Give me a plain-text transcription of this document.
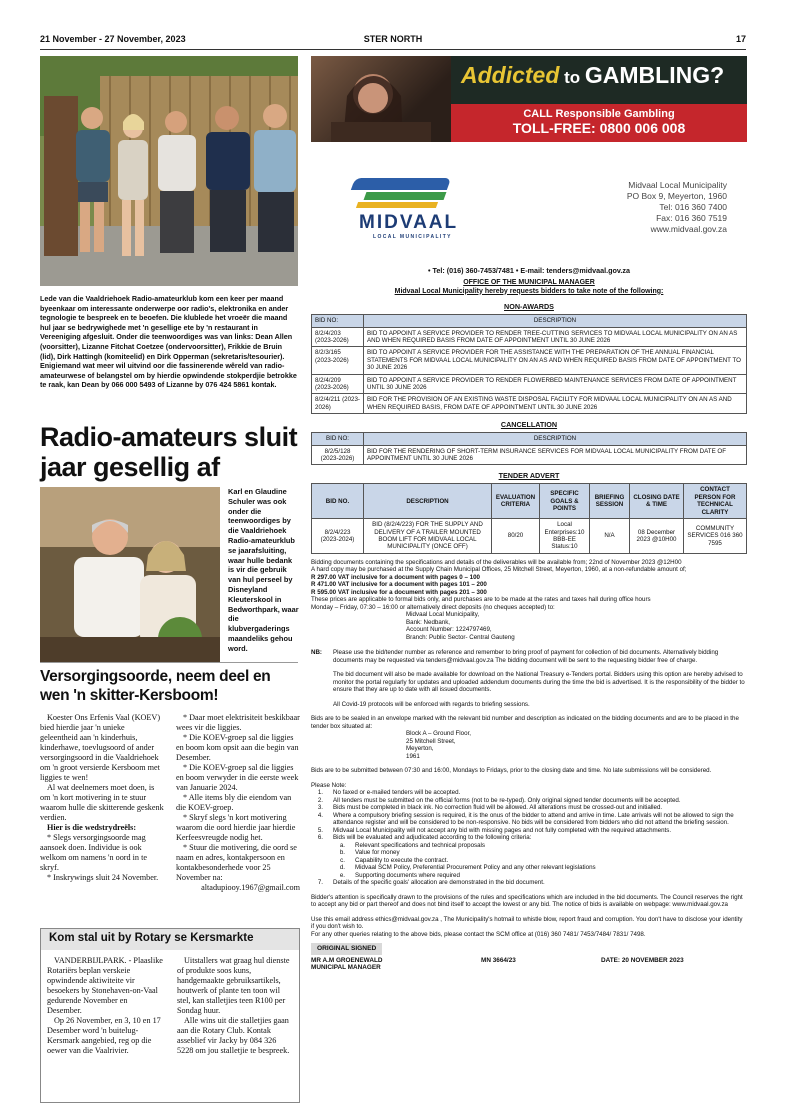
21 November - 27 November, 2023	STER NORTH	17
Lede van die Vaaldriehoek Radio-amateurklub kom een keer per maand byeenkaar om interessante onderwerpe oor radio's, elektronika en ander tegnologie te bespreek en te beoefen. Die klublede het vroeër die maand hul jaar se bedrywighede met 'n gesellige ete by 'n restaurant in Vereeniging afgesluit. Onder die teenwoordiges was van links: Dean Allen (voorsitter), Lizanne Fitchat Coetzee (ondervoorsitter), Frikkie de Bruin (lid), Dirk Hattingh (komiteelid) en Dirk Opperman (sekretaris/tesourier). Enigiemand wat meer wil uitvind oor die fassinerende wêreld van radio-amateurwese of belangstel om by hierdie opwindende stokperdjie betrokke te raak, kan Dean by 066 000 5493 of Lizanne by 076 424 5861 kontak.
Radio-amateurs sluit jaar gesellig af
Karl en Glaudine Schuler was ook onder die teenwoordiges by die Vaaldriehoek Radio-amateurklub se jaarafsluiting, waar hulle bedank is vir die gebruik van hul perseel by Disneyland Kleuterskool in Bedworthpark, waar die klubvergaderings maandeliks gehou word.
Versorgingsoorde, neem deel en wen 'n skitter-Kersboom!

Koester Ons Erfenis Vaal (KOEV) bied hierdie jaar 'n unieke geleentheid aan 'n kinderhuis, kinderhawe, toevlugsoord of ander versorgingsoord in die Vaaldriehoek om 'n groot versierde Kersboom met liggies te wen!

Al wat deelnemers moet doen, is om 'n kort motivering in te stuur waarom hulle die skitterende geskenk verdien.

Hier is die wedstrydreëls:

* Slegs versorgingsoorde mag aansoek doen. Individue is ook welkom om namens 'n oord in te skryf.

* Inskrywings sluit 24 November.

* Daar moet elektrisiteit beskikbaar wees vir die liggies.

* Die KOEV-groep sal die liggies en boom kom opsit aan die begin van Desember.

* Die KOEV-groep sal die liggies en boom verwyder in die eerste week van Januarie 2024.

* Alle items bly die eiendom van die KOEV-groep.

* Skryf slegs 'n kort motivering waarom die oord hierdie jaar hierdie Kerfeesvreugde nodig het.

* Stuur die motivering, die oord se naam en adres, kontakpersoon en kontakbesonderhede voor 25 November na:

altadupiooy.1967@gmail.com

Kom stal uit by Rotary se Kersmarkte

VANDERBIJLPARK. - Plaaslike Rotariërs beplan verskeie opwindende aktiwiteite vir besoekers by Stonehaven-on-Vaal gedurende November en Desember.

Op 26 November, en 3, 10 en 17 Desember word 'n buitelug-Kersmark aangebied, reg op die oewer van die Vaalrivier.

Uitstallers wat graag hul dienste of produkte soos kuns, handgemaakte gebruiksartikels, houtwerk of plante ten toon wil stel, kan stalletjies teen R100 per Sondag huur.

Alle wins uit die stalletjies gaan aan die Rotary Club. Kontak asseblief vir Jacky by 084 326 5228 om jou stalletjie te bespreek.

Addicted to GAMBLING?
CALL Responsible Gambling
TOLL-FREE: 0800 006 008
MIDVAAL
LOCAL MUNICIPALITY
Midvaal Local Municipality
PO Box 9, Meyerton, 1960
Tel: 016 360 7400
Fax: 016 360 7519
www.midvaal.gov.za
• Tel: (016) 360-7453/7481 • E-mail: tenders@midvaal.gov.za
OFFICE OF THE MUNICIPAL MANAGER
Midvaal Local Municipality hereby requests bidders to take note of the following:
NON-AWARDS
BID NO:	DESCRIPTION
8/2/4/203 (2023-2026)	BID TO APPOINT A SERVICE PROVIDER TO RENDER TREE-CUTTING SERVICES TO MIDVAAL LOCAL MUNICIPALITY ON AN AS AND WHEN REQUIRED BASIS FROM DATE OF APPOINTMENT UNTIL 30 JUNE 2026
8/2/3/165 (2023-2026)	BID TO APPOINT A SERVICE PROVIDER FOR THE ASSISTANCE WITH THE PREPARATION OF THE ANNUAL FINANCIAL STATEMENTS FOR MIDVAAL LOCAL MUNICIPALITY ON AN AS AND WHEN REQUIRED BASIS FROM DATE OF APPOINTMENT TO 30 JUNE 2026
8/2/4/209 (2023-2026)	BID TO APPOINT A SERVICE PROVIDER TO RENDER FLOWERBED MAINTENANCE SERVICES FROM DATE OF APPOINTMENT UNTIL 30 JUNE 2026
8/2/4/211 (2023-2026)	BID FOR THE PROVISION OF AN EXISTING WASTE DISPOSAL FACILITY FOR MIDVAAL LOCAL MUNICIPALITY ON AN AS AND WHEN REQUIRED BASIS, FROM DATE OF APPOINTMENT UNTIL 30 JUNE 2026
CANCELLATION
BID NO:	DESCRIPTION
8/2/5/128 (2023-2026)	BID FOR THE RENDERING OF SHORT-TERM INSURANCE SERVICES FOR MIDVAAL LOCAL MUNICIPALITY FROM DATE OF APPOINTMENT UNTIL 30 JUNE 2026
TENDER ADVERT
BID NO.	DESCRIPTION	EVALUATION CRITERIA	SPECIFIC GOALS & POINTS	BRIEFING SESSION	CLOSING DATE & TIME	CONTACT PERSON FOR TECHNICAL CLARITY
8/2/4/223 (2023-2024)	BID (8/2/4/223) FOR THE SUPPLY AND DELIVERY OF A TRAILER MOUNTED BOOM LIFT FOR MIDVAAL LOCAL MUNICIPALITY (ONCE OFF)	80/20	Local Enterprises:10 BBB-EE Status:10	N/A	08 December 2023 @10H00	COMMUNITY SERVICES 016 360 7595

Bidding documents containing the specifications and details of the deliverables will be available from; 22nd of November 2023 @12H00

A hard copy may be purchased at the Supply Chain Municipal Offices, 25 Mitchell Street, Meyerton, 1960, at a non-refundable amount of;

R 297.00 VAT inclusive for a document with pages 0 – 100

R 471.00 VAT inclusive for a document with pages 101 – 200

R 595.00 VAT inclusive for a document with pages 201 – 300

These prices are applicable to formal bids only, and purchases are to be made at the rates and taxes hall during office hours

Monday – Friday, 07:30 – 16:00 or alternatively direct deposits (no cheques accepted) to:

Midvaal Local Municipality,

Bank: Nedbank,

Account Number: 1224797469,

Branch: Public Sector- Central Gauteng

NB:	Please use the bid/tender number as reference and remember to bring proof of payment for collection of bid documents. Alternatively bidding documents may be requested via tenders@midvaal.gov.za The bidding document will be sent to the requesting bidder free of charge.

The bid document will also be made available for download on the National Treasury e-Tenders portal. Bidders using this option are hereby advised to monitor the portal regularly for updates and uploaded addendum documents during the time the bid is advertised. It is the responsibility of the bidder to ensure that they are up to date with all issued documents.

All Covid-19 protocols will be enforced with regards to briefing sessions.

Bids are to be sealed in an envelope marked with the relevant bid number and description as indicated on the bidding documents and are to be placed in the tender box situated at:

Block A – Ground Floor,

25 Mitchell Street,

Meyerton,

1961

Bids are to be submitted between 07:30 and 16:00, Mondays to Fridays, prior to the closing date and time. No late submissions will be considered.

Please Note:

1.	No faxed or e-mailed tenders will be accepted.
2.	All tenders must be submitted on the official forms (not to be re-typed). Only original signed tender documents will be accepted.
3.	Bids must be completed in black ink. No correction fluid will be allowed. All alterations must be crossed-out and initialled.
4.	Where a compulsory briefing session is required, it is the onus of the bidder to attend and arrive in time. Late arrivals will not be allowed to sign the attendance register and will be considered to be non-responsive. No bids will be considered from bidders who did not attend the briefing session.
5.	Midvaal Local Municipality will not accept any bid with missing pages and not fully completed with the required attachments.
6.	Bids will be evaluated and adjudicated according to the following criteria:
a.	Relevant specifications and technical proposals
b.	Value for money
c.	Capability to execute the contract.
d.	Midvaal SCM Policy, Preferential Procurement Policy and any other relevant legislations
e.	Supporting documents where required
7.	Details of the specific goals' allocation are demonstrated in the bid document.

Bidder's attention is specifically drawn to the provisions of the rules and specifications which are included in the bid documents. The Council reserves the right to accept any bid or part thereof and does not bind itself to accept the lowest or any bid. The notice of bids is available on webpage: www.midvaal.gov.za

Use this email address ethics@midvaal.gov.za , The Municipality's hotmail to whistle blow, report fraud and corruption. You don't have to disclose your identity if you don't wish to.

For any other queries relating to the above bids, please contact the SCM office at (016) 360 7481/ 7453/7484/ 7831/ 7498.

ORIGINAL SIGNED
MR A.M GROENEWALD
MUNICIPAL MANAGER
MN 3664/23	DATE: 20 NOVEMBER 2023
